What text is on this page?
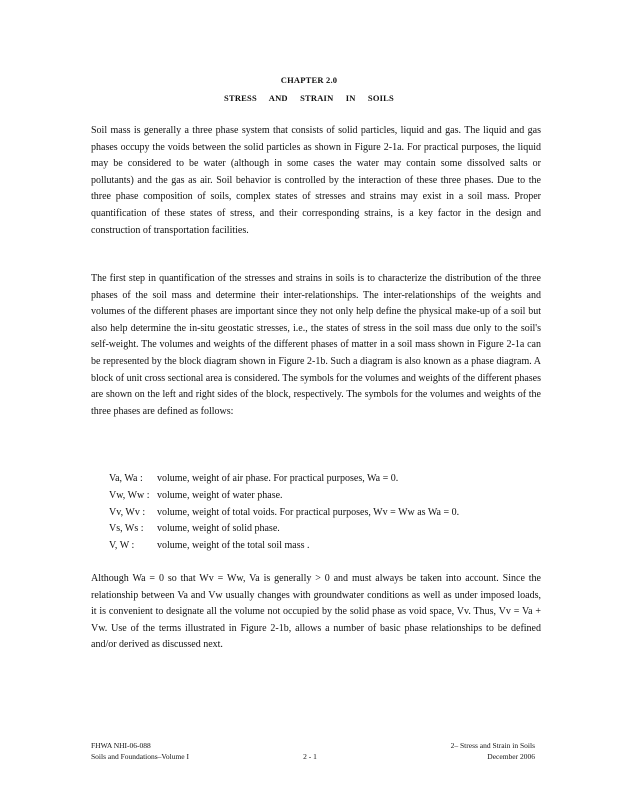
CHAPTER 2.0
STRESS AND STRAIN IN SOILS

Soil mass is generally a three phase system that consists of solid particles, liquid and gas. The liquid and gas phases occupy the voids between the solid particles as shown in Figure 2-1a. For practical purposes, the liquid may be considered to be water (although in some cases the water may contain some dissolved salts or pollutants) and the gas as air. Soil behavior is controlled by the interaction of these three phases. Due to the three phase composition of soils, complex states of stresses and strains may exist in a soil mass. Proper quantification of these states of stress, and their corresponding strains, is a key factor in the design and construction of transportation facilities.

The first step in quantification of the stresses and strains in soils is to characterize the distribution of the three phases of the soil mass and determine their inter-relationships. The inter-relationships of the weights and volumes of the different phases are important since they not only help define the physical make-up of a soil but also help determine the in-situ geostatic stresses, i.e., the states of stress in the soil mass due only to the soil's self-weight. The volumes and weights of the different phases of matter in a soil mass shown in Figure 2-1a can be represented by the block diagram shown in Figure 2-1b. Such a diagram is also known as a phase diagram. A block of unit cross sectional area is considered. The symbols for the volumes and weights of the different phases are shown on the left and right sides of the block, respectively. The symbols for the volumes and weights of the three phases are defined as follows:

Va, Wa : volume, weight of air phase. For practical purposes, Wa = 0.
Vw, Ww : volume, weight of water phase.
Vv, Wv : volume, weight of total voids. For practical purposes, Wv = Ww as Wa = 0.
Vs, Ws : volume, weight of solid phase.
V, W : volume, weight of the total soil mass .

Although Wa = 0 so that Wv = Ww, Va is generally > 0 and must always be taken into account. Since the relationship between Va and Vw usually changes with groundwater conditions as well as under imposed loads, it is convenient to designate all the volume not occupied by the solid phase as void space, Vv. Thus, Vv = Va + Vw. Use of the terms illustrated in Figure 2-1b, allows a number of basic phase relationships to be defined and/or derived as discussed next.

FHWA NHI-06-088
Soils and Foundations–Volume I	2 - 1
2– Stress and Strain in Soils
December 2006
